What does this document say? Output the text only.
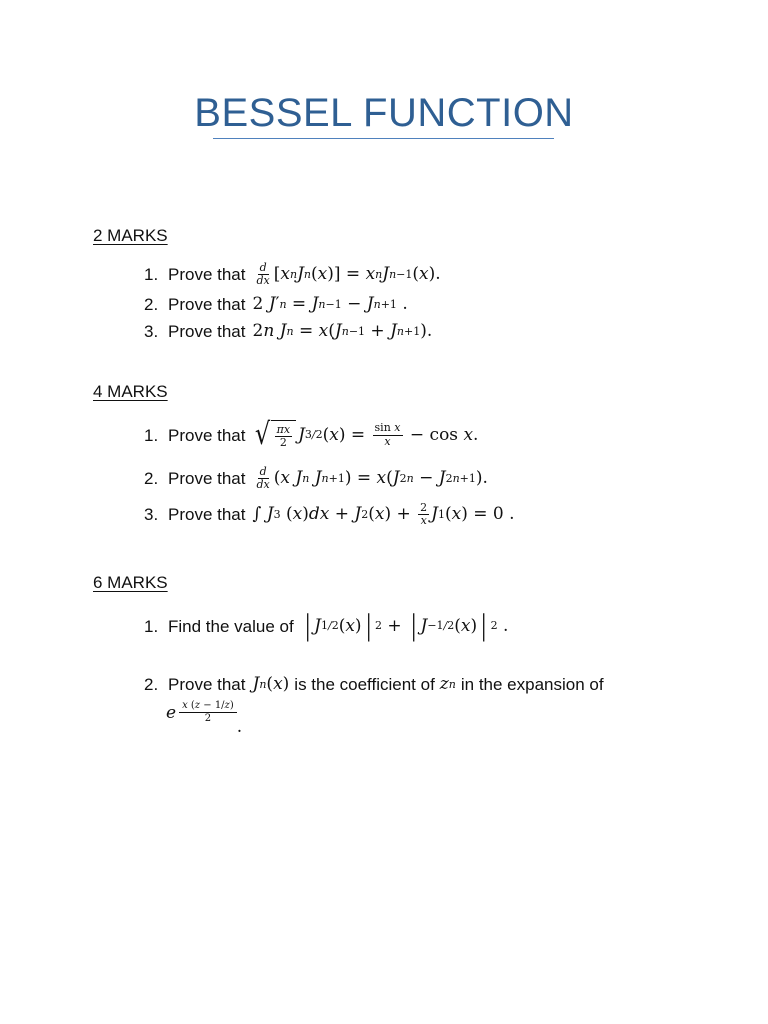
BESSEL FUNCTION
2 MARKS
1. Prove that $\frac{d}{dx}$ [ x n J n ( x )] = x n J n−1 ( x ).
2. Prove that 2 J ′ n = J n−1 − J n+1 .
3. Prove that 2 n J n = x ( J n−1 + J n+1 ).
4 MARKS
1. Prove that √ $\frac{\pi x}{2}$ J 3/2 ( x ) = $\frac{\text{sin x}}{x} - \cos x$ .
2. Prove that $\frac{d}{dx}$ ( x J n J n+1 ) = x ( J 2 n − J 2 n+1 ).
3. Prove that ∫ J 3 ( x ) dx + J 2 ( x ) + $\frac{2}{x}$ J 1 ( x ) = 0 .
6 MARKS
1. Find the value of | J 1/2 ( x ) | 2 + | J −1/2 ( x ) | 2 .
2. Prove that J n ( x ) is the coefficient of z n in the expansion of
e $\frac{x (z - 1/z)}{2}$
.
